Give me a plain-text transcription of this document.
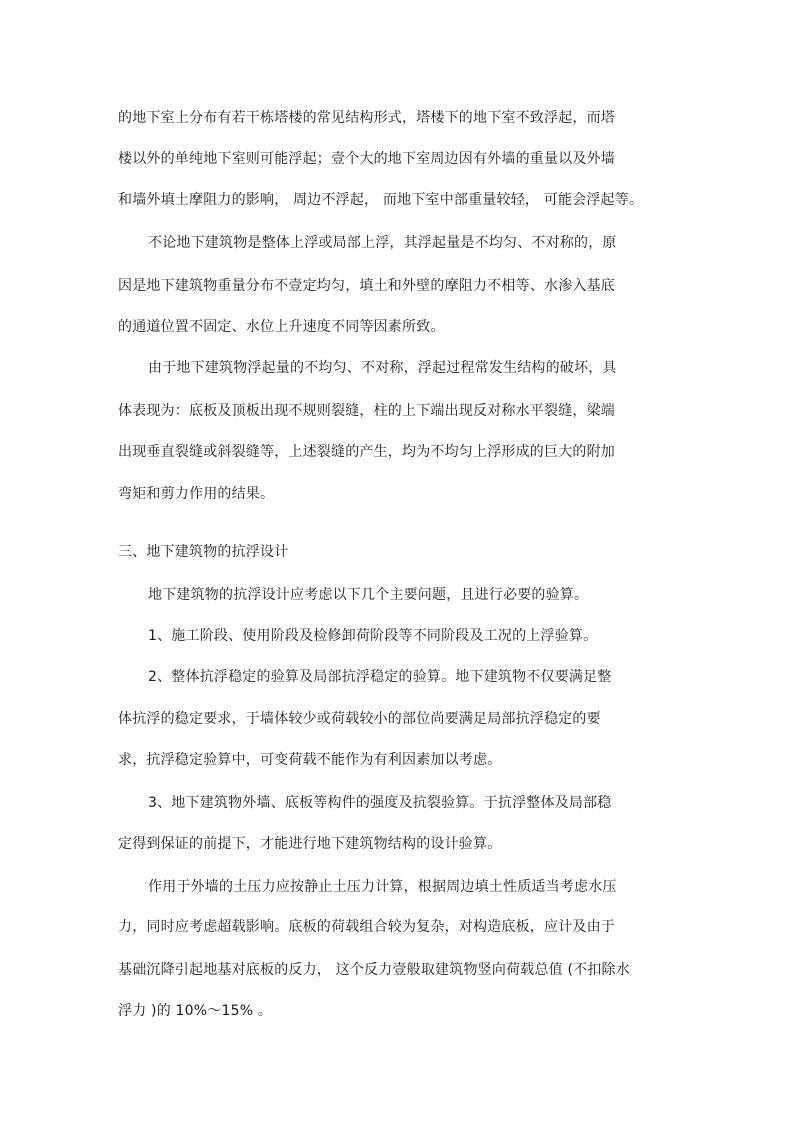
的地下室上分布有若干栋塔楼的常见结构形式，塔楼下的地下室不致浮起，而塔
楼以外的单纯地下室则可能浮起；壹个大的地下室周边因有外墙的重量以及外墙
和墙外填土摩阻力的影响， 周边不浮起， 而地下室中部重量较轻， 可能会浮起等。
不论地下建筑物是整体上浮或局部上浮，其浮起量是不均匀、不对称的，原
因是地下建筑物重量分布不壹定均匀，填土和外壁的摩阻力不相等、水渗入基底
的通道位置不固定、水位上升速度不同等因素所致。
由于地下建筑物浮起量的不均匀、不对称，浮起过程常发生结构的破坏，具
体表现为：底板及顶板出现不规则裂缝，柱的上下端出现反对称水平裂缝，梁端
出现垂直裂缝或斜裂缝等，上述裂缝的产生，均为不均匀上浮形成的巨大的附加
弯矩和剪力作用的结果。
三、地下建筑物的抗浮设计
地下建筑物的抗浮设计应考虑以下几个主要问题，且进行必要的验算。
1、施工阶段、使用阶段及检修卸荷阶段等不同阶段及工况的上浮验算。
2、整体抗浮稳定的验算及局部抗浮稳定的验算。地下建筑物不仅要满足整
体抗浮的稳定要求，于墙体较少或荷载较小的部位尚要满足局部抗浮稳定的要
求，抗浮稳定验算中，可变荷载不能作为有利因素加以考虑。
3、地下建筑物外墙、底板等构件的强度及抗裂验算。于抗浮整体及局部稳
定得到保证的前提下，才能进行地下建筑物结构的设计验算。
作用于外墙的土压力应按静止土压力计算，根据周边填土性质适当考虑水压
力，同时应考虑超载影响。底板的荷载组合较为复杂，对构造底板，应计及由于
基础沉降引起地基对底板的反力， 这个反力壹般取建筑物竖向荷载总值 (不扣除水
浮力 )的 10%～15% 。
